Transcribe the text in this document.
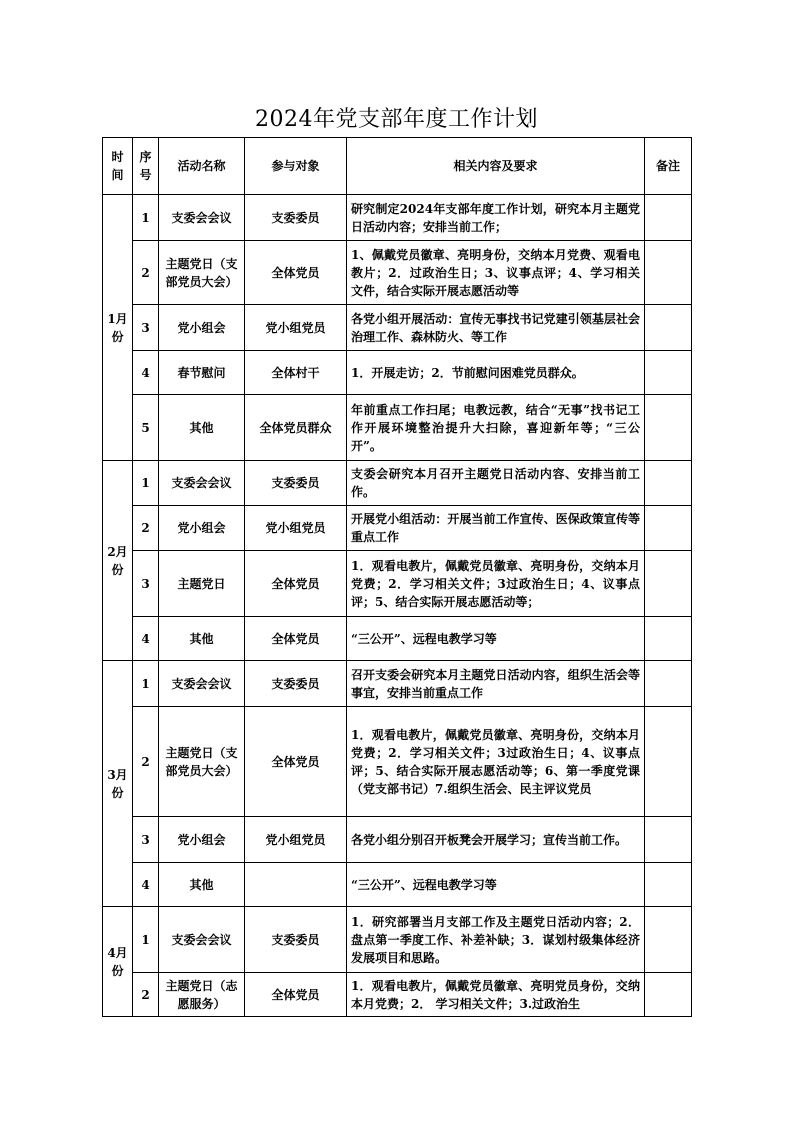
2024年党支部年度工作计划
时间	序号	活动名称	参与对象	相关内容及要求	备注
1月份	1	支委会会议	支委委员	研究制定2024年支部年度工作计划，研究本月主题党日活动内容；安排当前工作；	
	2	主题党日（支部党员大会）	全体党员	1、佩戴党员徽章、亮明身份，交纳本月党费、观看电教片；2．过政治生日；3、议事点评；4、学习相关文件，结合实际开展志愿活动等	
	3	党小组会	党小组党员	各党小组开展活动：宣传无事找书记党建引领基层社会治理工作、森林防火、等工作	
	4	春节慰问	全体村干	1．开展走访；2．节前慰问困难党员群众。	
	5	其他	全体党员群众	年前重点工作扫尾；电教远教，结合“无事”找书记工作开展环境整治提升大扫除，喜迎新年等；“三公开”。	
2月份	1	支委会会议	支委委员	支委会研究本月召开主题党日活动内容、安排当前工作。	
	2	党小组会	党小组党员	开展党小组活动：开展当前工作宣传、医保政策宣传等重点工作	
	3	主题党日	全体党员	1．观看电教片，佩戴党员徽章、亮明身份，交纳本月党费；2．学习相关文件；3过政治生日；4、议事点评；5、结合实际开展志愿活动等；	
	4	其他	全体党员	“三公开”、远程电教学习等	
3月份	1	支委会会议	支委委员	召开支委会研究本月主题党日活动内容，组织生活会等事宜，安排当前重点工作	
	2	主题党日（支部党员大会）	全体党员	1．观看电教片，佩戴党员徽章、亮明身份，交纳本月党费；2．学习相关文件；3过政治生日；4、议事点评；5、结合实际开展志愿活动等；6、第一季度党课（党支部书记）7.组织生活会、民主评议党员	
	3	党小组会	党小组党员	各党小组分别召开板凳会开展学习；宣传当前工作。	
	4	其他		“三公开”、远程电教学习等	
4月份	1	支委会会议	支委委员	1．研究部署当月支部工作及主题党日活动内容；2．盘点第一季度工作、补差补缺；3．谋划村级集体经济发展项目和思路。	
	2	主题党日（志愿服务）	全体党员	1．观看电教片，佩戴党员徽章、亮明党员身份，交纳本月党费；2． 学习相关文件；3.过政治生	
